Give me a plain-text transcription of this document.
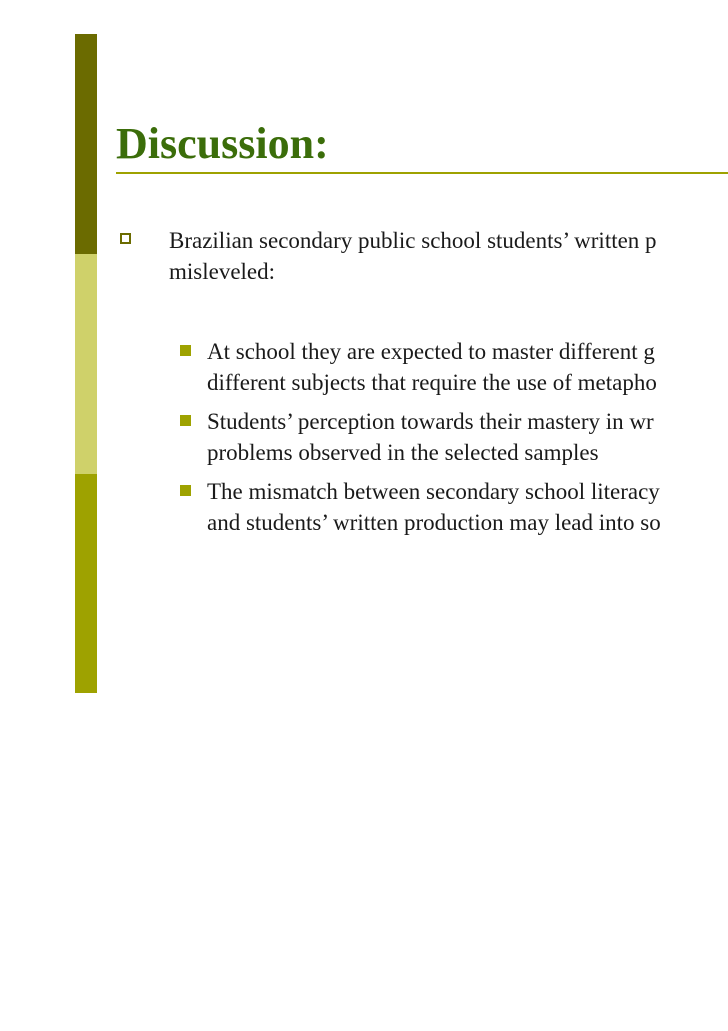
Discussion:

Brazilian secondary public school students’ written p
misleveled:

At school they are expected to master different g
different subjects that require the use of metapho

Students’ perception towards their mastery in wr
problems observed in the selected samples

The mismatch between secondary school literacy
and students’ written production may lead into so
